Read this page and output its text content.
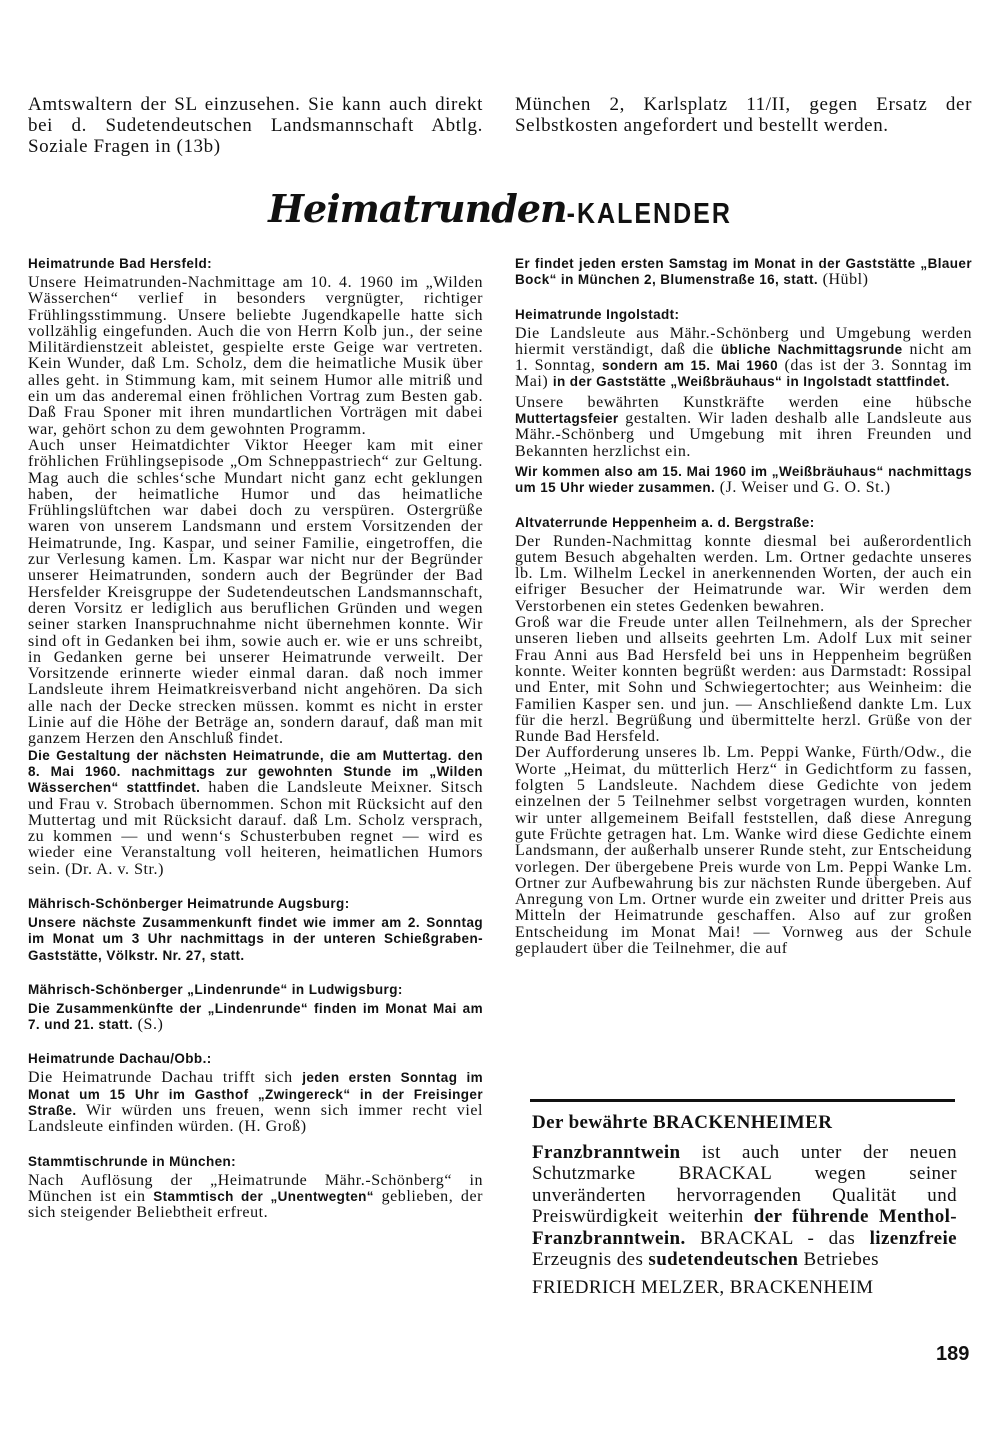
Amtswaltern der SL einzusehen. Sie kann auch direkt bei d. Sudetendeutschen Landsmannschaft Abtlg. Soziale Fragen in (13b)
München 2, Karlsplatz 11/II, gegen Ersatz der Selbstkosten angefordert und bestellt werden.
Heimatrunden-KALENDER
Heimatrunde Bad Hersfeld:

Unsere Heimatrunden-Nachmittage am 10. 4. 1960 im „Wilden Wässerchen“ verlief in besonders vergnügter, richtiger Frühlingsstimmung. Unsere beliebte Jugendkapelle hatte sich vollzählig eingefunden. Auch die von Herrn Kolb jun., der seine Militärdienstzeit ableistet, gespielte erste Geige war vertreten. Kein Wunder, daß Lm. Scholz, dem die heimatliche Musik über alles geht. in Stimmung kam, mit seinem Humor alle mitriß und ein um das anderemal einen fröhlichen Vortrag zum Besten gab. Daß Frau Sponer mit ihren mundartlichen Vorträgen mit dabei war, gehört schon zu dem gewohnten Programm.

Auch unser Heimatdichter Viktor Heeger kam mit einer fröhlichen Frühlingsepisode „Om Schneppastriech“ zur Geltung. Mag auch die schles‘sche Mundart nicht ganz echt geklungen haben, der heimatliche Humor und das heimatliche Frühlingslüftchen war dabei doch zu verspüren. Ostergrüße waren von unserem Landsmann und erstem Vorsitzenden der Heimatrunde, Ing. Kaspar, und seiner Familie, eingetroffen, die zur Verlesung kamen. Lm. Kaspar war nicht nur der Begründer unserer Heimatrunden, sondern auch der Begründer der Bad Hersfelder Kreisgruppe der Sudetendeutschen Landsmannschaft, deren Vorsitz er lediglich aus beruflichen Gründen und wegen seiner starken Inanspruchnahme nicht übernehmen konnte. Wir sind oft in Gedanken bei ihm, sowie auch er. wie er uns schreibt, in Gedanken gerne bei unserer Heimatrunde verweilt. Der Vorsitzende erinnerte wieder einmal daran. daß noch immer Landsleute ihrem Heimatkreisverband nicht angehören. Da sich alle nach der Decke strecken müssen. kommt es nicht in erster Linie auf die Höhe der Beträge an, sondern darauf, daß man mit ganzem Herzen den Anschluß findet.

Die Gestaltung der nächsten Heimatrunde, die am Muttertag. den 8. Mai 1960. nachmittags zur gewohnten Stunde im „Wilden Wässerchen“ stattfindet. haben die Landsleute Meixner. Sitsch und Frau v. Strobach übernommen. Schon mit Rücksicht auf den Muttertag und mit Rücksicht darauf. daß Lm. Scholz versprach, zu kommen — und wenn‘s Schusterbuben regnet — wird es wieder eine Veranstaltung voll heiteren, heimatlichen Humors sein. (Dr. A. v. Str.)

Mährisch-Schönberger Heimatrunde Augsburg:

Unsere nächste Zusammenkunft findet wie immer am 2. Sonntag im Monat um 3 Uhr nachmittags in der unteren Schießgraben-Gaststätte, Völkstr. Nr. 27, statt.

Mährisch-Schönberger „Lindenrunde“ in Ludwigsburg:

Die Zusammenkünfte der „Lindenrunde“ finden im Monat Mai am 7. und 21. statt. (S.)

Heimatrunde Dachau/Obb.:

Die Heimatrunde Dachau trifft sich jeden ersten Sonntag im Monat um 15 Uhr im Gasthof „Zwingereck“ in der Freisinger Straße. Wir würden uns freuen, wenn sich immer recht viel Landsleute einfinden würden. (H. Groß)

Stammtischrunde in München:

Nach Auflösung der „Heimatrunde Mähr.-Schönberg“ in München ist ein Stammtisch der „Unentwegten“ geblieben, der sich steigender Beliebtheit erfreut.

Er findet jeden ersten Samstag im Monat in der Gaststätte „Blauer Bock“ in München 2, Blumenstraße 16, statt. (Hübl)

Heimatrunde Ingolstadt:

Die Landsleute aus Mähr.-Schönberg und Umgebung werden hiermit verständigt, daß die übliche Nachmittagsrunde nicht am 1. Sonntag, sondern am 15. Mai 1960 (das ist der 3. Sonntag im Mai) in der Gaststätte „Weißbräuhaus“ in Ingolstadt stattfindet.

Unsere bewährten Kunstkräfte werden eine hübsche Muttertagsfeier gestalten. Wir laden deshalb alle Landsleute aus Mähr.-Schönberg und Umgebung mit ihren Freunden und Bekannten herzlichst ein.

Wir kommen also am 15. Mai 1960 im „Weißbräuhaus“ nachmittags um 15 Uhr wieder zusammen. (J. Weiser und G. O. St.)

Altvaterrunde Heppenheim a. d. Bergstraße:

Der Runden-Nachmittag konnte diesmal bei außerordentlich gutem Besuch abgehalten werden. Lm. Ortner gedachte unseres lb. Lm. Wilhelm Leckel in anerkennenden Worten, der auch ein eifriger Besucher der Heimatrunde war. Wir werden dem Verstorbenen ein stetes Gedenken bewahren.

Groß war die Freude unter allen Teilnehmern, als der Sprecher unseren lieben und allseits geehrten Lm. Adolf Lux mit seiner Frau Anni aus Bad Hersfeld bei uns in Heppenheim begrüßen konnte. Weiter konnten begrüßt werden: aus Darmstadt: Rossipal und Enter, mit Sohn und Schwiegertochter; aus Weinheim: die Familien Kasper sen. und jun. — Anschließend dankte Lm. Lux für die herzl. Begrüßung und übermittelte herzl. Grüße von der Runde Bad Hersfeld.

Der Aufforderung unseres lb. Lm. Peppi Wanke, Fürth/Odw., die Worte „Heimat, du mütterlich Herz“ in Gedichtform zu fassen, folgten 5 Landsleute. Nachdem diese Gedichte von jedem einzelnen der 5 Teilnehmer selbst vorgetragen wurden, konnten wir unter allgemeinem Beifall feststellen, daß diese Anregung gute Früchte getragen hat. Lm. Wanke wird diese Gedichte einem Landsmann, der außerhalb unserer Runde steht, zur Entscheidung vorlegen. Der übergebene Preis wurde von Lm. Peppi Wanke Lm. Ortner zur Aufbewahrung bis zur nächsten Runde übergeben. Auf Anregung von Lm. Ortner wurde ein zweiter und dritter Preis aus Mitteln der Heimatrunde geschaffen. Also auf zur großen Entscheidung im Monat Mai! — Vornweg aus der Schule geplaudert über die Teilnehmer, die auf

Der bewährte BRACKENHEIMER
Franzbranntwein ist auch unter der neuen Schutzmarke BRACKAL wegen seiner unveränderten hervorragenden Qualität und Preiswürdigkeit weiterhin der führende Menthol-Franzbranntwein. BRACKAL - das lizenzfreie Erzeugnis des sudetendeutschen Betriebes
FRIEDRICH MELZER, BRACKENHEIM
189
